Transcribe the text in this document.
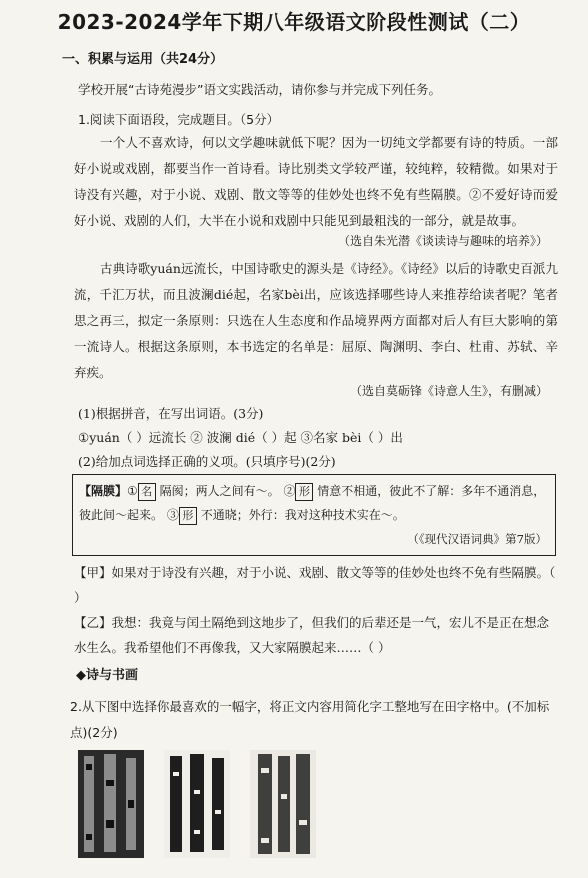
2023-2024学年下期八年级语文阶段性测试（二）
一、积累与运用（共24分）
学校开展“古诗苑漫步”语文实践活动，请你参与并完成下列任务。
1.阅读下面语段，完成题目。（5分）
一个人不喜欢诗，何以文学趣味就低下呢？因为一切纯文学都要有诗的特质。一部好小说或戏剧，都要当作一首诗看。诗比别类文学较严谨，较纯粹，较精微。如果对于诗没有兴趣，对于小说、戏剧、散文等等的佳妙处也终不免有些隔膜。②不爱好诗而爱好小说、戏剧的人们，大半在小说和戏剧中只能见到最粗浅的一部分，就是故事。
（选自朱光潜《谈读诗与趣味的培养》）
古典诗歌yuán远流长，中国诗歌史的源头是《诗经》。《诗经》以后的诗歌史百派九流，千汇万状，而且波澜dié起，名家bèi出，应该选择哪些诗人来推荐给读者呢？笔者思之再三，拟定一条原则：只选在人生态度和作品境界两方面都对后人有巨大影响的第一流诗人。根据这条原则，本书选定的名单是：屈原、陶渊明、李白、杜甫、苏轼、辛弃疾。
（选自莫砺锋《诗意人生》，有删减）
(1)根据拼音，在写出词语。(3分)
①yuán（ ）远流长 ② 波澜 dié（ ）起 ③名家 bèi（ ）出
(2)给加点词选择正确的义项。(只填序号)(2分)
【隔膜】① 名 隔阂；两人之间有～。 ② 形 情意不相通，彼此不了解：多年不通消息，彼此间～起来。 ③ 形 不通晓；外行：我对这种技术实在～。
（《现代汉语词典》第7版）
【甲】如果对于诗没有兴趣，对于小说、戏剧、散文等等的佳妙处也终不免有些隔膜。（ ）
【乙】我想：我竟与闰土隔绝到这地步了，但我们的后辈还是一气，宏儿不是正在想念水生么。我希望他们不再像我，又大家隔膜起来……（ ）
◆诗与书画
2.从下图中选择你最喜欢的一幅字，将正文内容用简化字工整地写在田字格中。(不加标点)(2分)
